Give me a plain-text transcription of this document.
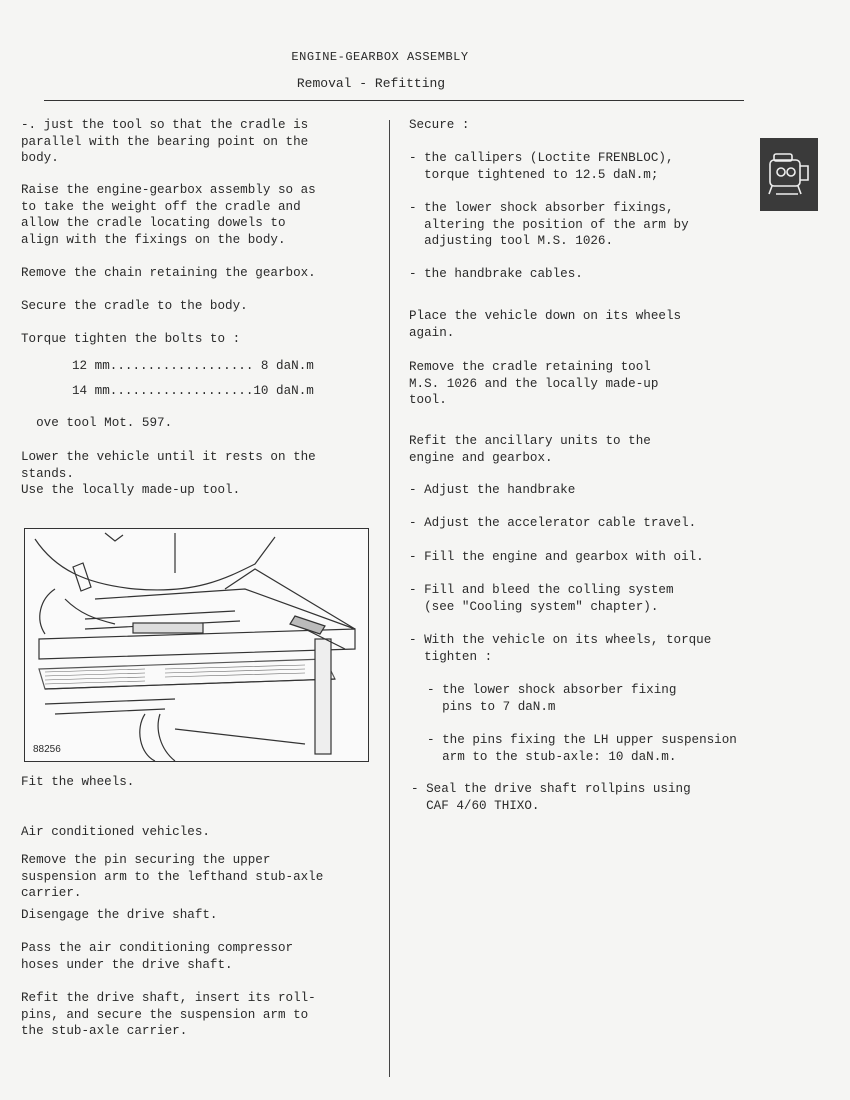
ENGINE-GEARBOX ASSEMBLY
Removal - Refitting

-. just the tool so that the cradle is
parallel with the bearing point on the
body.

Raise the engine-gearbox assembly so as
to take the weight off the cradle and
allow the cradle locating dowels to
align with the fixings on the body.

Remove the chain retaining the gearbox.

Secure the cradle to the body.

Torque tighten the bolts to :

12 mm................... 8 daN.m

14 mm...................10 daN.m

ove tool Mot. 597.

Lower the vehicle until it rests on the
stands.
Use the locally made-up tool.

Fit the wheels.

Air conditioned vehicles.

Remove the pin securing the upper
suspension arm to the lefthand stub-axle
carrier.

Disengage the drive shaft.

Pass the air conditioning compressor
hoses under the drive shaft.

Refit the drive shaft, insert its roll-
pins, and secure the suspension arm to
the stub-axle carrier.

88256

Secure :

- the callipers (Loctite FRENBLOC),
torque tightened to 12.5 daN.m;

- the lower shock absorber fixings,
altering the position of the arm by
adjusting tool M.S. 1026.

- the handbrake cables.

Place the vehicle down on its wheels
again.

Remove the cradle retaining tool
M.S. 1026 and the locally made-up
tool.

Refit the ancillary units to the
engine and gearbox.

- Adjust the handbrake

- Adjust the accelerator cable travel.

- Fill the engine and gearbox with oil.

- Fill and bleed the colling system
(see "Cooling system" chapter).

- With the vehicle on its wheels, torque
tighten :

- the lower shock absorber fixing
pins to 7 daN.m

- the pins fixing the LH upper suspension
arm to the stub-axle: 10 daN.m.

- Seal the drive shaft rollpins using
CAF 4/60 THIXO.
